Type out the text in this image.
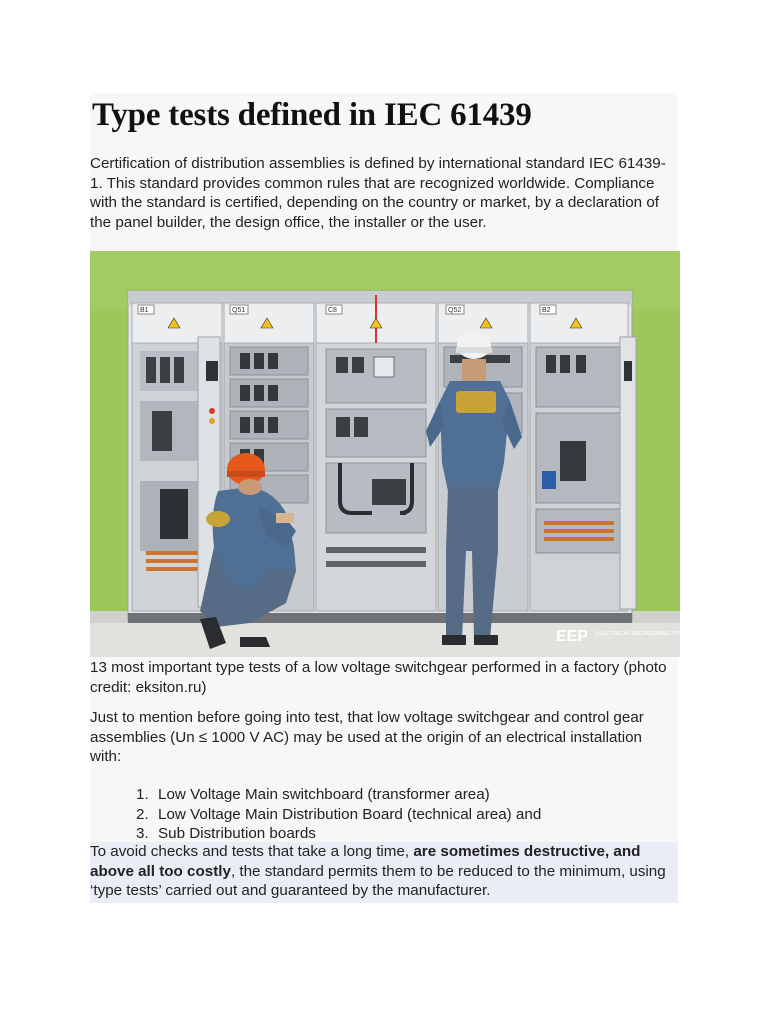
Type tests defined in IEC 61439

Certification of distribution assemblies is defined by international standard IEC 61439-1. This standard provides common rules that are recognized worldwide. Compliance with the standard is certified, depending on the country or market, by a declaration of the panel builder, the design office, the installer or the user.

B1	Q51	C8	Q52	B2
EEP ELECTRICAL ENGINEERING PORTAL

13 most important type tests of a low voltage switchgear performed in a factory (photo credit: eksiton.ru)

Just to mention before going into test, that low voltage switchgear and control gear assemblies (Un ≤ 1000 V AC) may be used at the origin of an electrical installation with:

1. Low Voltage Main switchboard (transformer area)
2. Low Voltage Main Distribution Board (technical area) and
3. Sub Distribution boards

To avoid checks and tests that take a long time, are sometimes destructive, and above all too costly, the standard permits them to be reduced to the minimum, using ‘type tests’ carried out and guaranteed by the manufacturer.
